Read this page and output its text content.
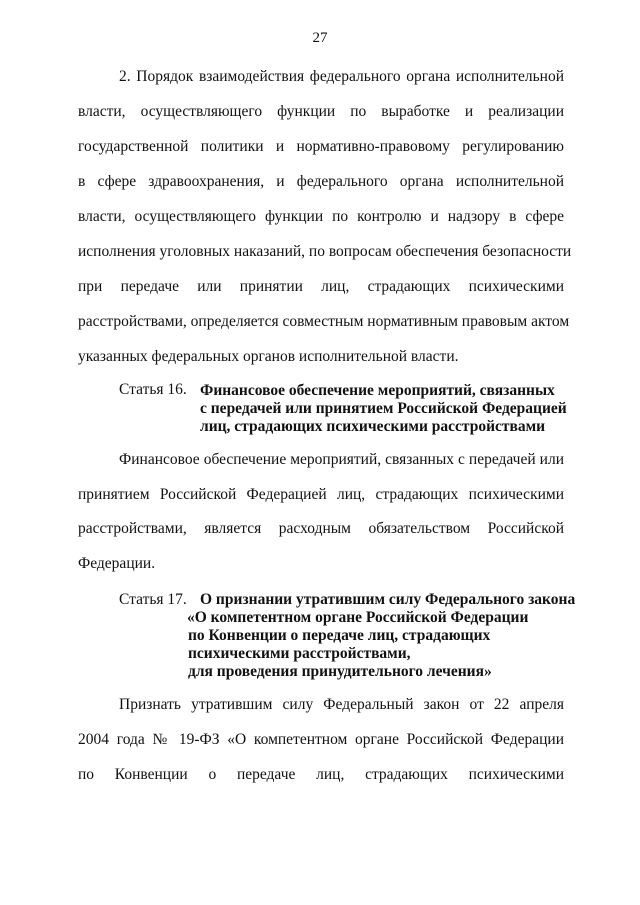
27
2. Порядок взаимодействия федерального органа исполнительной
власти, осуществляющего функции по выработке и реализации
государственной политики и нормативно-правовому регулированию
в сфере здравоохранения, и федерального органа исполнительной
власти, осуществляющего функции по контролю и надзору в сфере
исполнения уголовных наказаний, по вопросам обеспечения безопасности
при передаче или принятии лиц, страдающих психическими
расстройствами, определяется совместным нормативным правовым актом
указанных федеральных органов исполнительной власти.
Статья 16. Финансовое обеспечение мероприятий, связанных
с передачей или принятием Российской Федерацией
лиц, страдающих психическими расстройствами
Финансовое обеспечение мероприятий, связанных с передачей или
принятием Российской Федерацией лиц, страдающих психическими
расстройствами, является расходным обязательством Российской
Федерации.
Статья 17. О признании утратившим силу Федерального закона
«О компетентном органе Российской Федерации
по Конвенции о передаче лиц, страдающих
психическими расстройствами,
для проведения принудительного лечения»
Признать утратившим силу Федеральный закон от 22 апреля
2004 года № 19-ФЗ «О компетентном органе Российской Федерации
по Конвенции о передаче лиц, страдающих психическими
